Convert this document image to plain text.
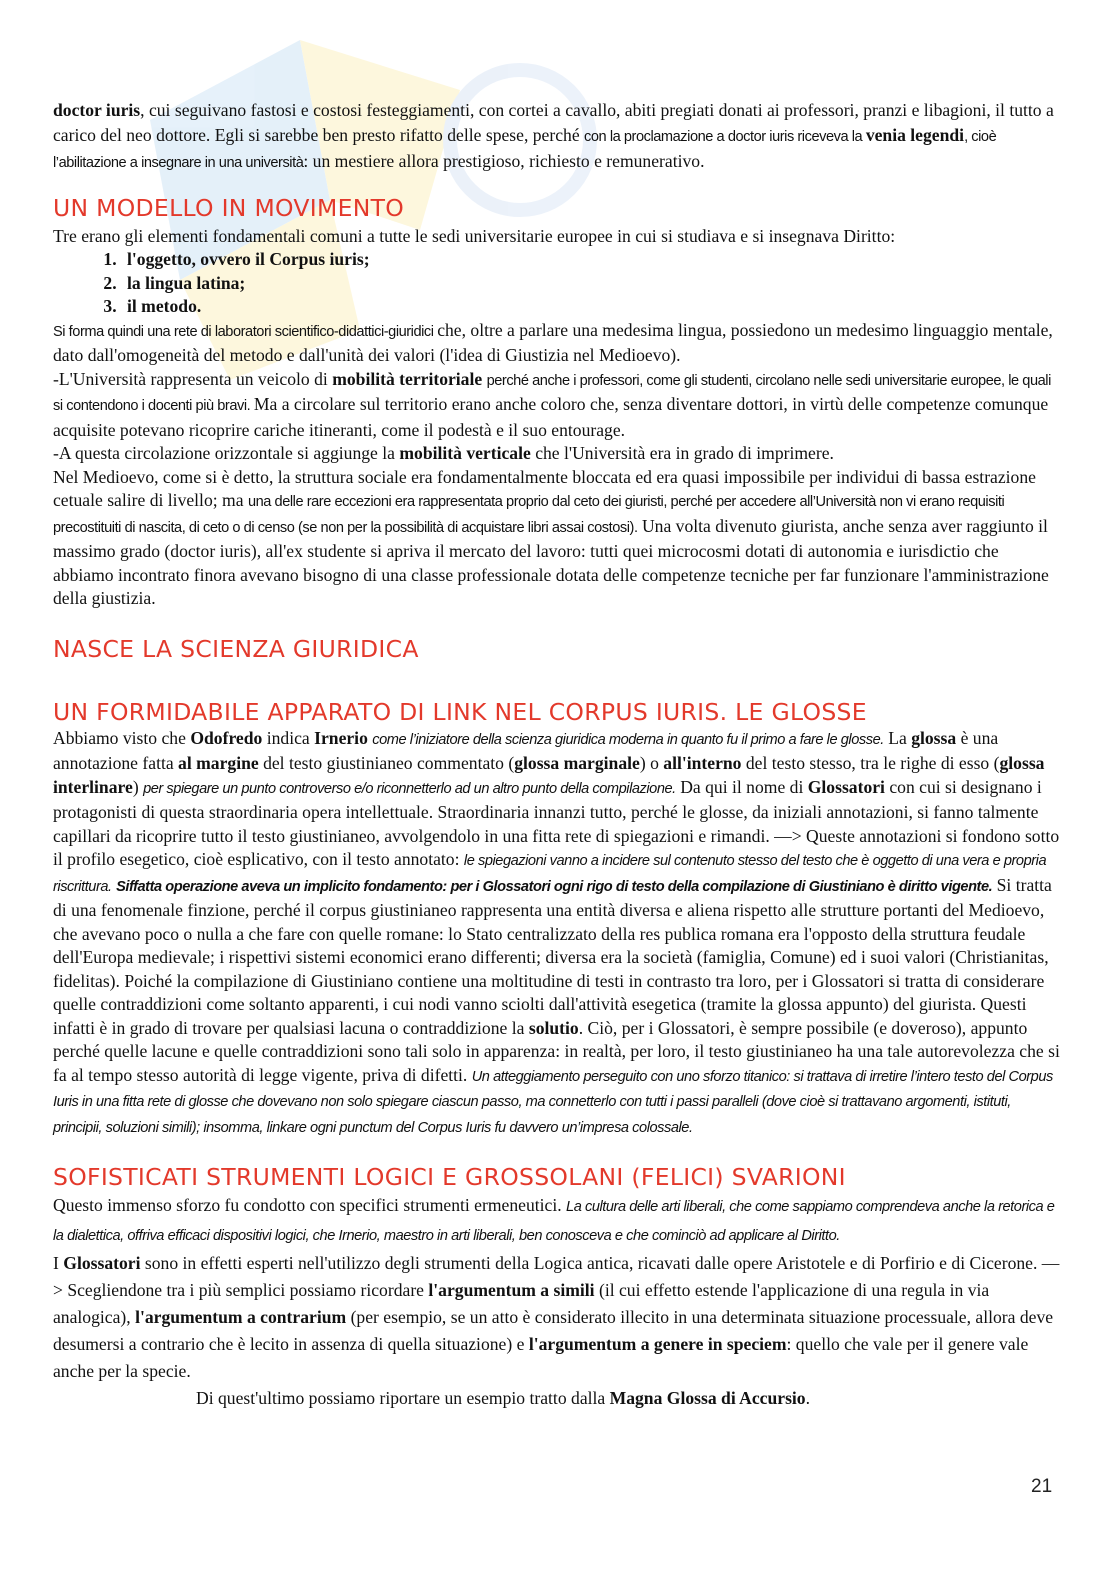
doctor iuris, cui seguivano fastosi e costosi festeggiamenti, con cortei a cavallo, abiti pregiati donati ai professori, pranzi e libagioni, il tutto a carico del neo dottore. Egli si sarebbe ben presto rifatto delle spese, perché con la proclamazione a doctor iuris riceveva la venia legendi, cioè l’abilitazione a insegnare in una università: un mestiere allora prestigioso, richiesto e remunerativo.

UN MODELLO IN MOVIMENTO

Tre erano gli elementi fondamentali comuni a tutte le sedi universitarie europee in cui si studiava e si insegnava Diritto:

1. l'oggetto, ovvero il Corpus iuris;
2. la lingua latina;
3. il metodo.

Si forma quindi una rete di laboratori scientifico-didattici-giuridici che, oltre a parlare una medesima lingua, possiedono un medesimo linguaggio mentale, dato dall'omogeneità del metodo e dall'unità dei valori (l'idea di Giustizia nel Medioevo).

-L'Università rappresenta un veicolo di mobilità territoriale perché anche i professori, come gli studenti, circolano nelle sedi universitarie europee, le quali si contendono i docenti più bravi. Ma a circolare sul territorio erano anche coloro che, senza diventare dottori, in virtù delle competenze comunque acquisite potevano ricoprire cariche itineranti, come il podestà e il suo entourage.

-A questa circolazione orizzontale si aggiunge la mobilità verticale che l'Università era in grado di imprimere.

Nel Medioevo, come si è detto, la struttura sociale era fondamentalmente bloccata ed era quasi impossibile per individui di bassa estrazione cetuale salire di livello; ma una delle rare eccezioni era rappresentata proprio dal ceto dei giuristi, perché per accedere all’Università non vi erano requisiti precostituiti di nascita, di ceto o di censo (se non per la possibilità di acquistare libri assai costosi). Una volta divenuto giurista, anche senza aver raggiunto il massimo grado (doctor iuris), all'ex studente si apriva il mercato del lavoro: tutti quei microcosmi dotati di autonomia e iurisdictio che abbiamo incontrato finora avevano bisogno di una classe professionale dotata delle competenze tecniche per far funzionare l'amministrazione della giustizia.

NASCE LA SCIENZA GIURIDICA
UN FORMIDABILE APPARATO DI LINK NEL CORPUS IURIS. LE GLOSSE

Abbiamo visto che Odofredo indica Irnerio come l’iniziatore della scienza giuridica moderna in quanto fu il primo a fare le glosse. La glossa è una annotazione fatta al margine del testo giustinianeo commentato (glossa marginale) o all'interno del testo stesso, tra le righe di esso (glossa interlinare) per spiegare un punto controverso e/o riconnetterlo ad un altro punto della compilazione. Da qui il nome di Glossatori con cui si designano i protagonisti di questa straordinaria opera intellettuale. Straordinaria innanzi tutto, perché le glosse, da iniziali annotazioni, si fanno talmente capillari da ricoprire tutto il testo giustinianeo, avvolgendolo in una fitta rete di spiegazioni e rimandi. —> Queste annotazioni si fondono sotto il profilo esegetico, cioè esplicativo, con il testo annotato: le spiegazioni vanno a incidere sul contenuto stesso del testo che è oggetto di una vera e propria riscrittura. Siffatta operazione aveva un implicito fondamento: per i Glossatori ogni rigo di testo della compilazione di Giustiniano è diritto vigente. Si tratta di una fenomenale finzione, perché il corpus giustinianeo rappresenta una entità diversa e aliena rispetto alle strutture portanti del Medioevo, che avevano poco o nulla a che fare con quelle romane: lo Stato centralizzato della res publica romana era l'opposto della struttura feudale dell'Europa medievale; i rispettivi sistemi economici erano differenti; diversa era la società (famiglia, Comune) ed i suoi valori (Christianitas, fidelitas). Poiché la compilazione di Giustiniano contiene una moltitudine di testi in contrasto tra loro, per i Glossatori si tratta di considerare quelle contraddizioni come soltanto apparenti, i cui nodi vanno sciolti dall'attività esegetica (tramite la glossa appunto) del giurista. Questi infatti è in grado di trovare per qualsiasi lacuna o contraddizione la solutio. Ciò, per i Glossatori, è sempre possibile (e doveroso), appunto perché quelle lacune e quelle contraddizioni sono tali solo in apparenza: in realtà, per loro, il testo giustinianeo ha una tale autorevolezza che si fa al tempo stesso autorità di legge vigente, priva di difetti. Un atteggiamento perseguito con uno sforzo titanico: si trattava di irretire l’intero testo del Corpus Iuris in una fitta rete di glosse che dovevano non solo spiegare ciascun passo, ma connetterlo con tutti i passi paralleli (dove cioè si trattavano argomenti, istituti, principii, soluzioni simili); insomma, linkare ogni punctum del Corpus Iuris fu davvero un’impresa colossale.

SOFISTICATI STRUMENTI LOGICI E GROSSOLANI (FELICI) SVARIONI

Questo immenso sforzo fu condotto con specifici strumenti ermeneutici. La cultura delle arti liberali, che come sappiamo comprendeva anche la retorica e la dialettica, offriva efficaci dispositivi logici, che Irnerio, maestro in arti liberali, ben conosceva e che cominciò ad applicare al Diritto.

I Glossatori sono in effetti esperti nell'utilizzo degli strumenti della Logica antica, ricavati dalle opere Aristotele e di Porfirio e di Cicerone. —> Scegliendone tra i più semplici possiamo ricordare l'argumentum a simili (il cui effetto estende l'applicazione di una regula in via analogica), l'argumentum a contrarium (per esempio, se un atto è considerato illecito in una determinata situazione processuale, allora deve desumersi a contrario che è lecito in assenza di quella situazione) e l'argumentum a genere in speciem: quello che vale per il genere vale anche per la specie.

Di quest'ultimo possiamo riportare un esempio tratto dalla Magna Glossa di Accursio.

21
